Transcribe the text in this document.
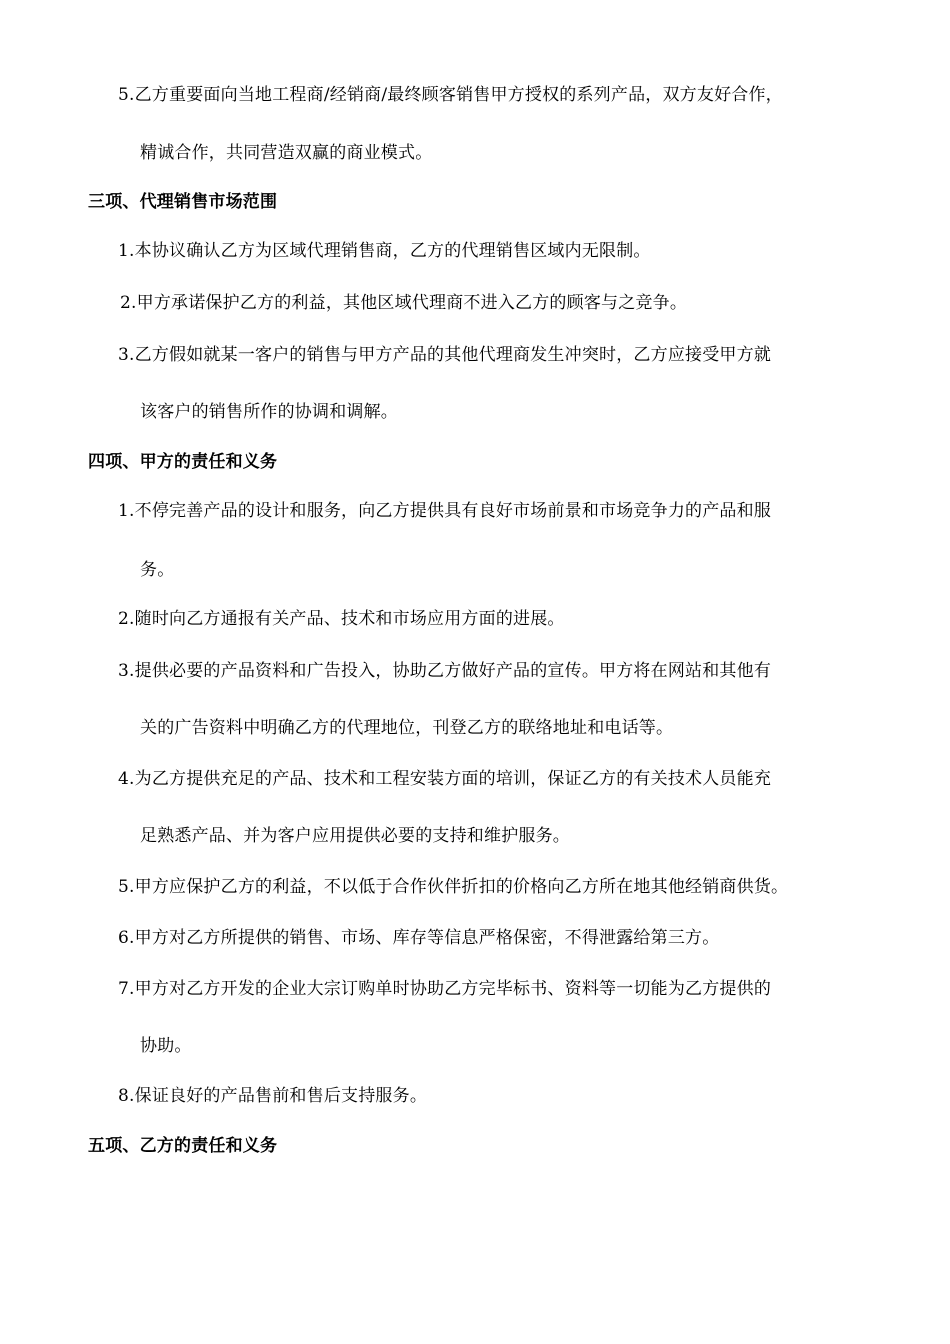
5.乙方重要面向当地工程商/经销商/最终顾客销售甲方授权的系列产品，双方友好合作，
精诚合作，共同营造双赢的商业模式。
三项、代理销售市场范围
1.本协议确认乙方为区域代理销售商，乙方的代理销售区域内无限制。
2.甲方承诺保护乙方的利益，其他区域代理商不进入乙方的顾客与之竞争。
3.乙方假如就某一客户的销售与甲方产品的其他代理商发生冲突时，乙方应接受甲方就
该客户的销售所作的协调和调解。
四项、甲方的责任和义务
1.不停完善产品的设计和服务，向乙方提供具有良好市场前景和市场竞争力的产品和服
务。
2.随时向乙方通报有关产品、技术和市场应用方面的进展。
3.提供必要的产品资料和广告投入，协助乙方做好产品的宣传。甲方将在网站和其他有
关的广告资料中明确乙方的代理地位，刊登乙方的联络地址和电话等。
4.为乙方提供充足的产品、技术和工程安装方面的培训，保证乙方的有关技术人员能充
足熟悉产品、并为客户应用提供必要的支持和维护服务。
5.甲方应保护乙方的利益，不以低于合作伙伴折扣的价格向乙方所在地其他经销商供货。
6.甲方对乙方所提供的销售、市场、库存等信息严格保密，不得泄露给第三方。
7.甲方对乙方开发的企业大宗订购单时协助乙方完毕标书、资料等一切能为乙方提供的
协助。
8.保证良好的产品售前和售后支持服务。
五项、乙方的责任和义务
